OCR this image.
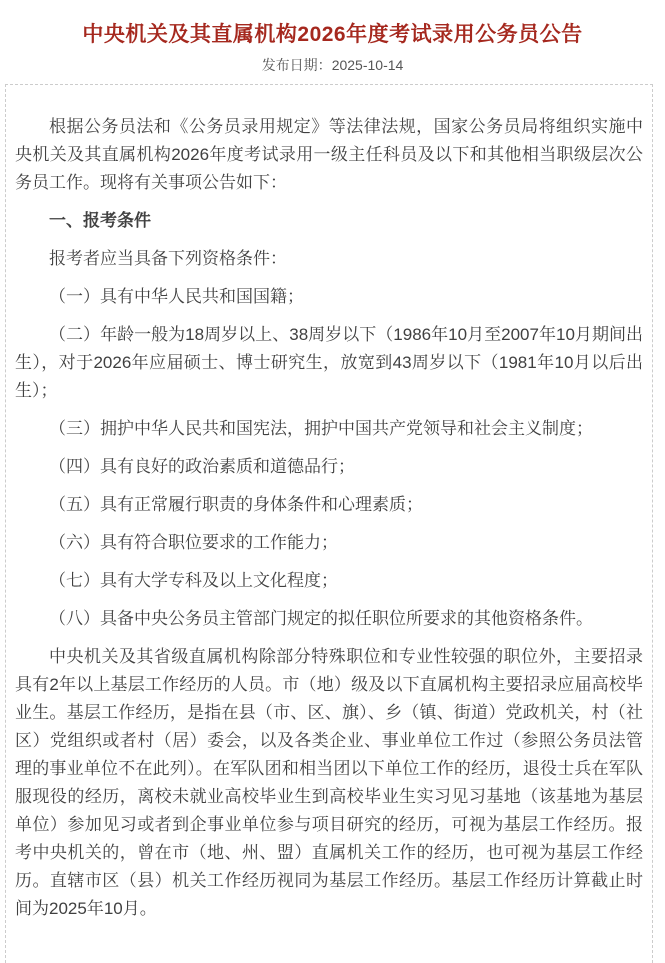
中央机关及其直属机构2026年度考试录用公务员公告
发布日期：2025-10-14

根据公务员法和《公务员录用规定》等法律法规，国家公务员局将组织实施中央机关及其直属机构2026年度考试录用一级主任科员及以下和其他相当职级层次公务员工作。现将有关事项公告如下：

一、报考条件

报考者应当具备下列资格条件：

（一）具有中华人民共和国国籍；

（二）年龄一般为18周岁以上、38周岁以下（1986年10月至2007年10月期间出生），对于2026年应届硕士、博士研究生，放宽到43周岁以下（1981年10月以后出生）；

（三）拥护中华人民共和国宪法，拥护中国共产党领导和社会主义制度；

（四）具有良好的政治素质和道德品行；

（五）具有正常履行职责的身体条件和心理素质；

（六）具有符合职位要求的工作能力；

（七）具有大学专科及以上文化程度；

（八）具备中央公务员主管部门规定的拟任职位所要求的其他资格条件。

中央机关及其省级直属机构除部分特殊职位和专业性较强的职位外，主要招录具有2年以上基层工作经历的人员。市（地）级及以下直属机构主要招录应届高校毕业生。基层工作经历，是指在县（市、区、旗）、乡（镇、街道）党政机关，村（社区）党组织或者村（居）委会，以及各类企业、事业单位工作过（参照公务员法管理的事业单位不在此列）。在军队团和相当团以下单位工作的经历，退役士兵在军队服现役的经历，离校未就业高校毕业生到高校毕业生实习见习基地（该基地为基层单位）参加见习或者到企事业单位参与项目研究的经历，可视为基层工作经历。报考中央机关的，曾在市（地、州、盟）直属机关工作的经历，也可视为基层工作经历。直辖市区（县）机关工作经历视同为基层工作经历。基层工作经历计算截止时间为2025年10月。
